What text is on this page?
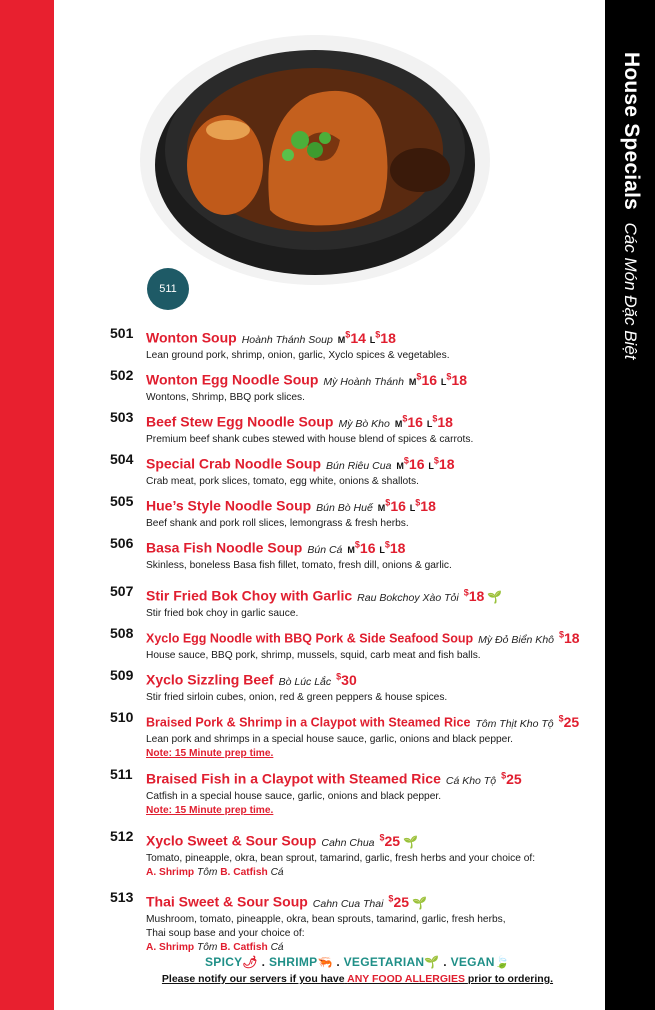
House Specials Các Món Đặc Biệt
511
501 Wonton Soup Hoành Thánh Soup M$14 L$18
Lean ground pork, shrimp, onion, garlic, Xyclo spices & vegetables.
502 Wonton Egg Noodle Soup Mỳ Hoành Thánh M$16 L$18
Wontons, Shrimp, BBQ pork slices.
503 Beef Stew Egg Noodle Soup Mỳ Bò Kho M$16 L$18
Premium beef shank cubes stewed with house blend of spices & carrots.
504 Special Crab Noodle Soup Bún Riêu Cua M$16 L$18
Crab meat, pork slices, tomato, egg white, onions & shallots.
505 Hue’s Style Noodle Soup Bún Bò Huế M$16 L$18
Beef shank and pork roll slices, lemongrass & fresh herbs.
506 Basa Fish Noodle Soup Bún Cá M$16 L$18
Skinless, boneless Basa fish fillet, tomato, fresh dill, onions & garlic.
507 Stir Fried Bok Choy with Garlic Rau Bokchoy Xào Tỏi $18 🌱
Stir fried bok choy in garlic sauce.
508 Xyclo Egg Noodle with BBQ Pork & Side Seafood Soup Mỳ Đỏ Biển Khô $18
House sauce, BBQ pork, shrimp, mussels, squid, carb meat and fish balls.
509 Xyclo Sizzling Beef Bò Lúc Lắc $30
Stir fried sirloin cubes, onion, red & green peppers & house spices.
510 Braised Pork & Shrimp in a Claypot with Steamed Rice Tôm Thịt Kho Tộ $25
Lean pork and shrimps in a special house sauce, garlic, onions and black pepper.
Note: 15 Minute prep time.
511 Braised Fish in a Claypot with Steamed Rice Cá Kho Tộ $25
Catfish in a special house sauce, garlic, onions and black pepper.
Note: 15 Minute prep time.
512 Xyclo Sweet & Sour Soup Cahn Chua $25 🌱
Tomato, pineapple, okra, bean sprout, tamarind, garlic, fresh herbs and your choice of:
A. Shrimp Tôm B. Catfish Cá
513 Thai Sweet & Sour Soup Cahn Cua Thai $25 🌱
Mushroom, tomato, pineapple, okra, bean sprouts, tamarind, garlic, fresh herbs,
Thai soup base and your choice of:
A. Shrimp Tôm B. Catfish Cá
SPICY🌶 . SHRIMP🦐 . VEGETARIAN🌱 . VEGAN🍃
Please notify our servers if you have ANY FOOD ALLERGIES prior to ordering.
